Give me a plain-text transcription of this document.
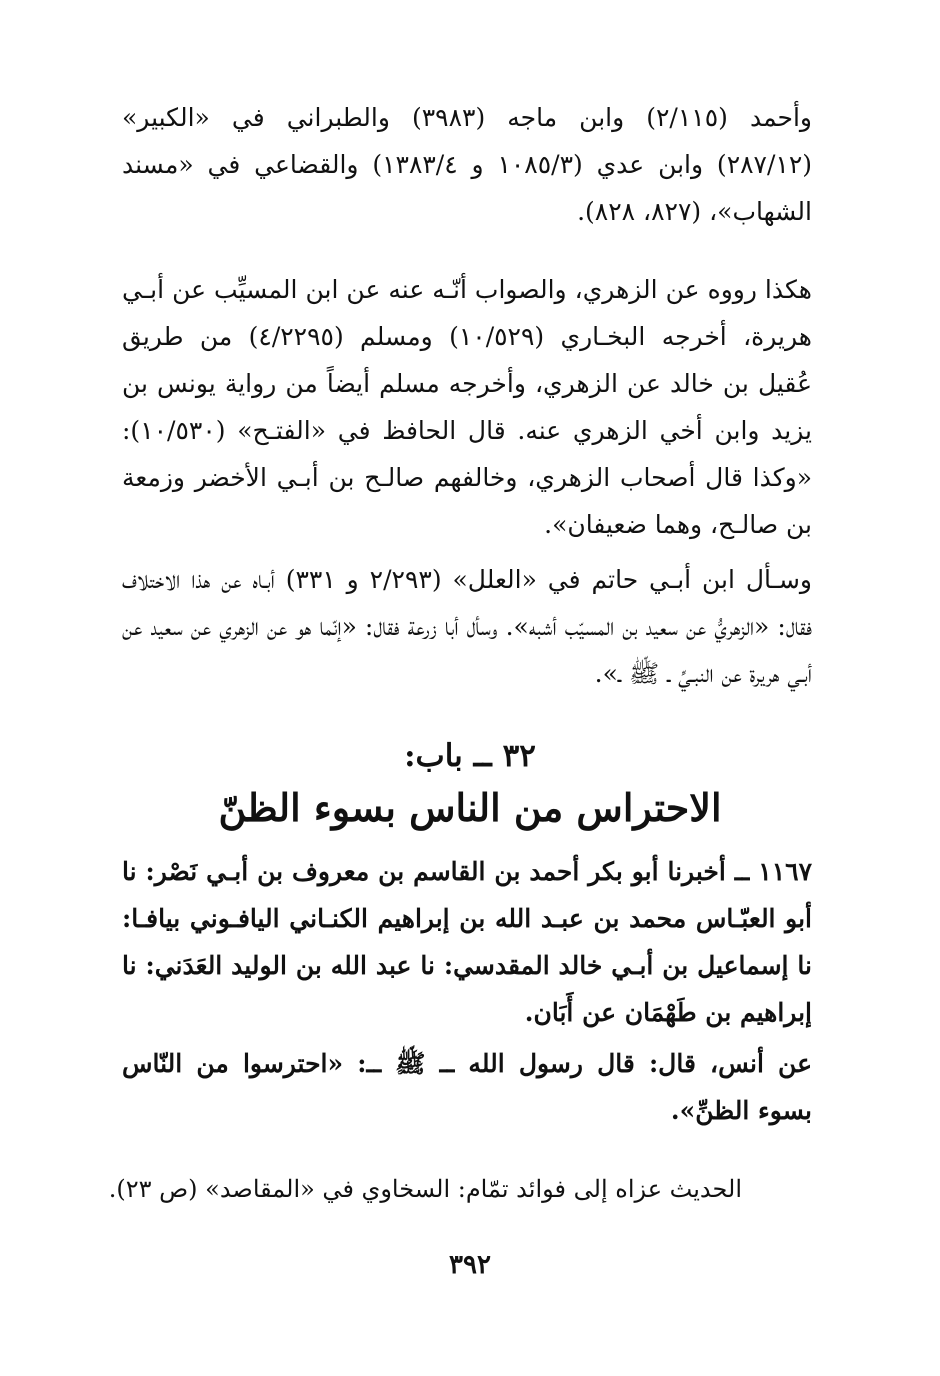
وأحمد (٢/١١٥) وابن ماجه (٣٩٨٣) والطبراني في «الكبير» (٢٨٧/١٢) وابن عدي (١٠٨٥/٣ و ١٣٨٣/٤) والقضاعي في «مسند الشهاب»، (٨٢٧، ٨٢٨).

هكذا رووه عن الزهري، والصواب أنّـه عنه عن ابن المسيِّب عن أبـي هريرة، أخرجه البخـاري (١٠/٥٢٩) ومسلم (٤/٢٢٩٥) من طريق عُقيل بن خالد عن الزهري، وأخرجه مسلم أيضاً من رواية يونس بن يزيد وابن أخي الزهري عنه. قال الحافظ في «الفتـح» (١٠/٥٣٠): «وكذا قال أصحاب الزهري، وخالفهم صالـح بن أبـي الأخضر وزمعة بن صالـح، وهما ضعيفان».

وسـأل ابن أبـي حاتم في «العلل» (٢/٢٩٣ و ٣٣١) أبـاه عن هذا الاختلاف فقال: «الزهريُّ عن سعيد بن المسيّب أشبه». وسأل أبا زرعة فقال: «إنّما هو عن الزهري عن سعيد عن أبـي هريرة عن النبـيِّ ـ ﷺ ـ».

٣٢ ــ باب:
الاحتراس من الناس بسوء الظنّ

١١٦٧ ــ أخبرنا أبو بكر أحمد بن القاسم بن معروف بن أبـي نَصْر: نا أبو العبّـاس محمد بن عبـد الله بن إبراهيم الكنـاني اليافـوني بيافـا: نا إسماعيل بن أبـي خالد المقدسي: نا عبد الله بن الوليد العَدَني: نا إبراهيم بن طَهْمَان عن أَبَان.

عن أنس، قال: قال رسول الله ــ ﷺ ــ: «احترسوا من النّاس بسوء الظنِّ».

الحديث عزاه إلى فوائد تمّام: السخاوي في «المقاصد» (ص ٢٣).

٣٩٢
